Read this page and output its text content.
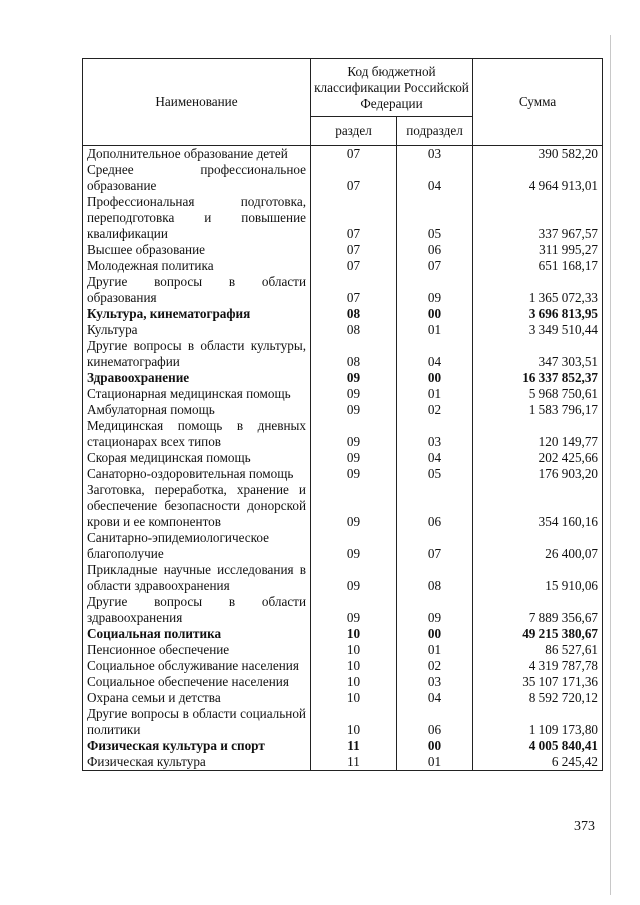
Наименование	Код бюджетной классификации Российской Федерации		Сумма
	раздел	подраздел	
Дополнительное образование детей	07	03	390 582,20
Среднее профессиональное образование	07	04	4 964 913,01
Профессиональная подготовка, переподготовка и повышение квалификации	07	05	337 967,57
Высшее образование	07	06	311 995,27
Молодежная политика	07	07	651 168,17
Другие вопросы в области образования	07	09	1 365 072,33
Культура, кинематография	08	00	3 696 813,95
Культура	08	01	3 349 510,44
Другие вопросы в области культуры, кинематографии	08	04	347 303,51
Здравоохранение	09	00	16 337 852,37
Стационарная медицинская помощь	09	01	5 968 750,61
Амбулаторная помощь	09	02	1 583 796,17
Медицинская помощь в дневных стационарах всех типов	09	03	120 149,77
Скорая медицинская помощь	09	04	202 425,66
Санаторно-оздоровительная помощь	09	05	176 903,20
Заготовка, переработка, хранение и обеспечение безопасности донорской крови и ее компонентов	09	06	354 160,16
Санитарно-эпидемиологическое благополучие	09	07	26 400,07
Прикладные научные исследования в области здравоохранения	09	08	15 910,06
Другие вопросы в области здравоохранения	09	09	7 889 356,67
Социальная политика	10	00	49 215 380,67
Пенсионное обеспечение	10	01	86 527,61
Социальное обслуживание населения	10	02	4 319 787,78
Социальное обеспечение населения	10	03	35 107 171,36
Охрана семьи и детства	10	04	8 592 720,12
Другие вопросы в области социальной политики	10	06	1 109 173,80
Физическая культура и спорт	11	00	4 005 840,41
Физическая культура	11	01	6 245,42
373
